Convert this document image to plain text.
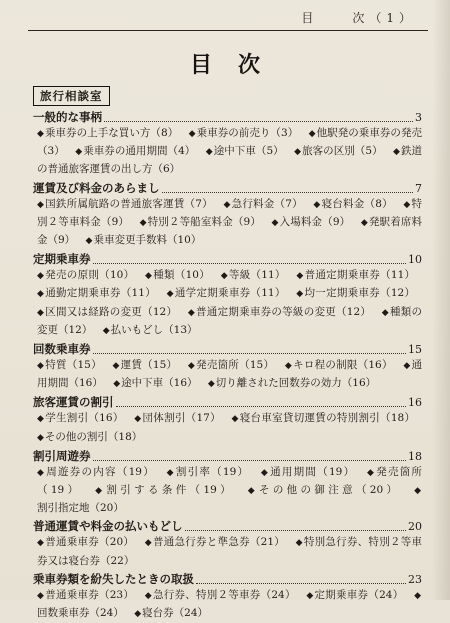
目　　次（1）
目次
旅行相談室
一般的な事柄	3
◆乗車券の上手な買い方（8） ◆乗車券の前売り（3） ◆他駅発の乗車券の発売（3） ◆乗車券の通用期間（4） ◆途中下車（5） ◆旅客の区別（5） ◆鉄道の普通旅客運賃の出し方（6）
運賃及び料金のあらまし	7
◆国鉄所属航路の普通旅客運賃（7） ◆急行料金（7） ◆寝台料金（8） ◆特別２等車料金（9） ◆特別２等船室料金（9） ◆入場料金（9） ◆発駅着席料金（9） ◆乗車変更手数料（10）
定期乗車券	10
◆発売の原則（10） ◆種類（10） ◆等級（11） ◆普通定期乗車券（11） ◆通勤定期乗車券（11） ◆通学定期乗車券（11） ◆均一定期乗車券（12） ◆区間又は経路の変更（12） ◆普通定期乗車券の等級の変更（12） ◆種類の変更（12） ◆払いもどし（13）
回数乗車券	15
◆特質（15） ◆運賃（15） ◆発売箇所（15） ◆キロ程の制限（16） ◆通用期間（16） ◆途中下車（16） ◆切り離された回数券の効力（16）
旅客運賃の割引	16
◆学生割引（16） ◆団体割引（17） ◆寝台車室貸切運賃の特別割引（18） ◆その他の割引（18）
割引周遊券	18
◆周遊券の内容（19） ◆割引率（19） ◆通用期間（19） ◆発売箇所（19） ◆割引する条件（19） ◆その他の御注意（20） ◆割引指定地（20）
普通運賃や料金の払いもどし	20
◆普通乗車券（20） ◆普通急行券と準急券（21） ◆特別急行券、特別２等車券又は寝台券（22）
乗車券類を紛失したときの取扱	23
◆普通乗車券（23） ◆急行券、特別２等車券（24） ◆定期乗車券（24） ◆回数乗車券（24） ◆寝台券（24）
